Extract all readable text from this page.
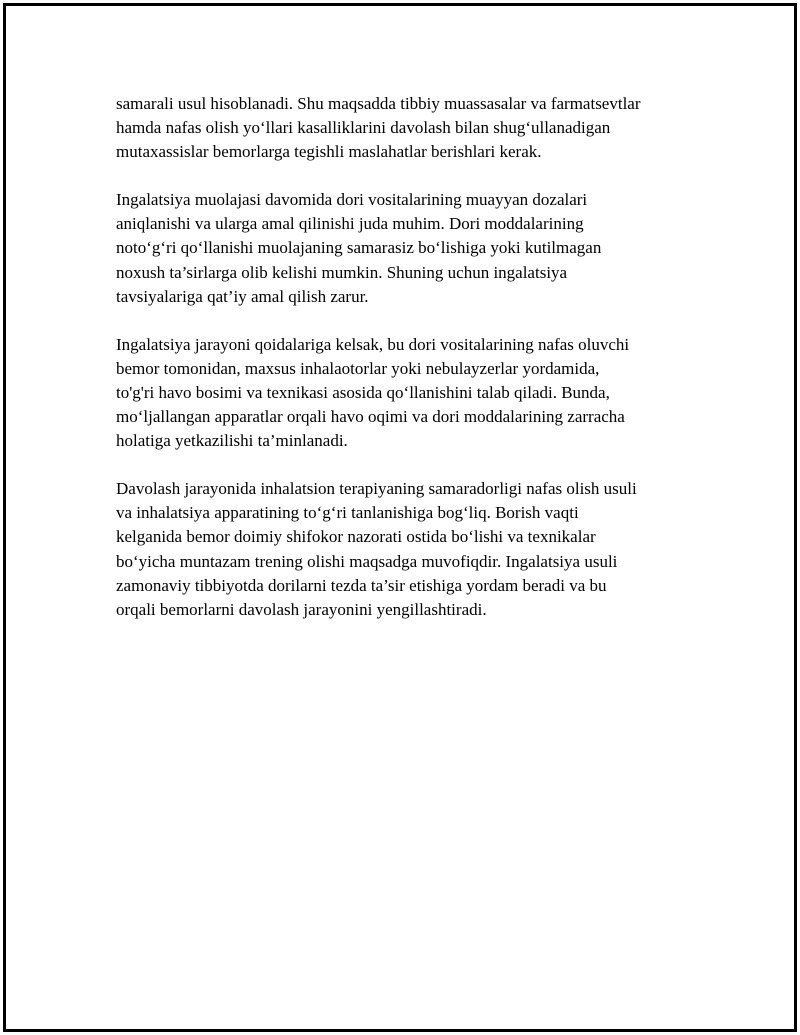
samarali usul hisoblanadi. Shu maqsadda tibbiy muassasalar va farmatsevtlar
hamda nafas olish yo‘llari kasalliklarini davolash bilan shug‘ullanadigan
mutaxassislar bemorlarga tegishli maslahatlar berishlari kerak.

Ingalatsiya muolajasi davomida dori vositalarining muayyan dozalari
aniqlanishi va ularga amal qilinishi juda muhim. Dori moddalarining
noto‘g‘ri qo‘llanishi muolajaning samarasiz bo‘lishiga yoki kutilmagan
noxush ta’sirlarga olib kelishi mumkin. Shuning uchun ingalatsiya
tavsiyalariga qat’iy amal qilish zarur.

Ingalatsiya jarayoni qoidalariga kelsak, bu dori vositalarining nafas oluvchi
bemor tomonidan, maxsus inhalaotorlar yoki nebulayzerlar yordamida,
to'g'ri havo bosimi va texnikasi asosida qo‘llanishini talab qiladi. Bunda,
mo‘ljallangan apparatlar orqali havo oqimi va dori moddalarining zarracha
holatiga yetkazilishi ta’minlanadi.

Davolash jarayonida inhalatsion terapiyaning samaradorligi nafas olish usuli
va inhalatsiya apparatining to‘g‘ri tanlanishiga bog‘liq. Borish vaqti
kelganida bemor doimiy shifokor nazorati ostida bo‘lishi va texnikalar
bo‘yicha muntazam trening olishi maqsadga muvofiqdir. Ingalatsiya usuli
zamonaviy tibbiyotda dorilarni tezda ta’sir etishiga yordam beradi va bu
orqali bemorlarni davolash jarayonini yengillashtiradi.
